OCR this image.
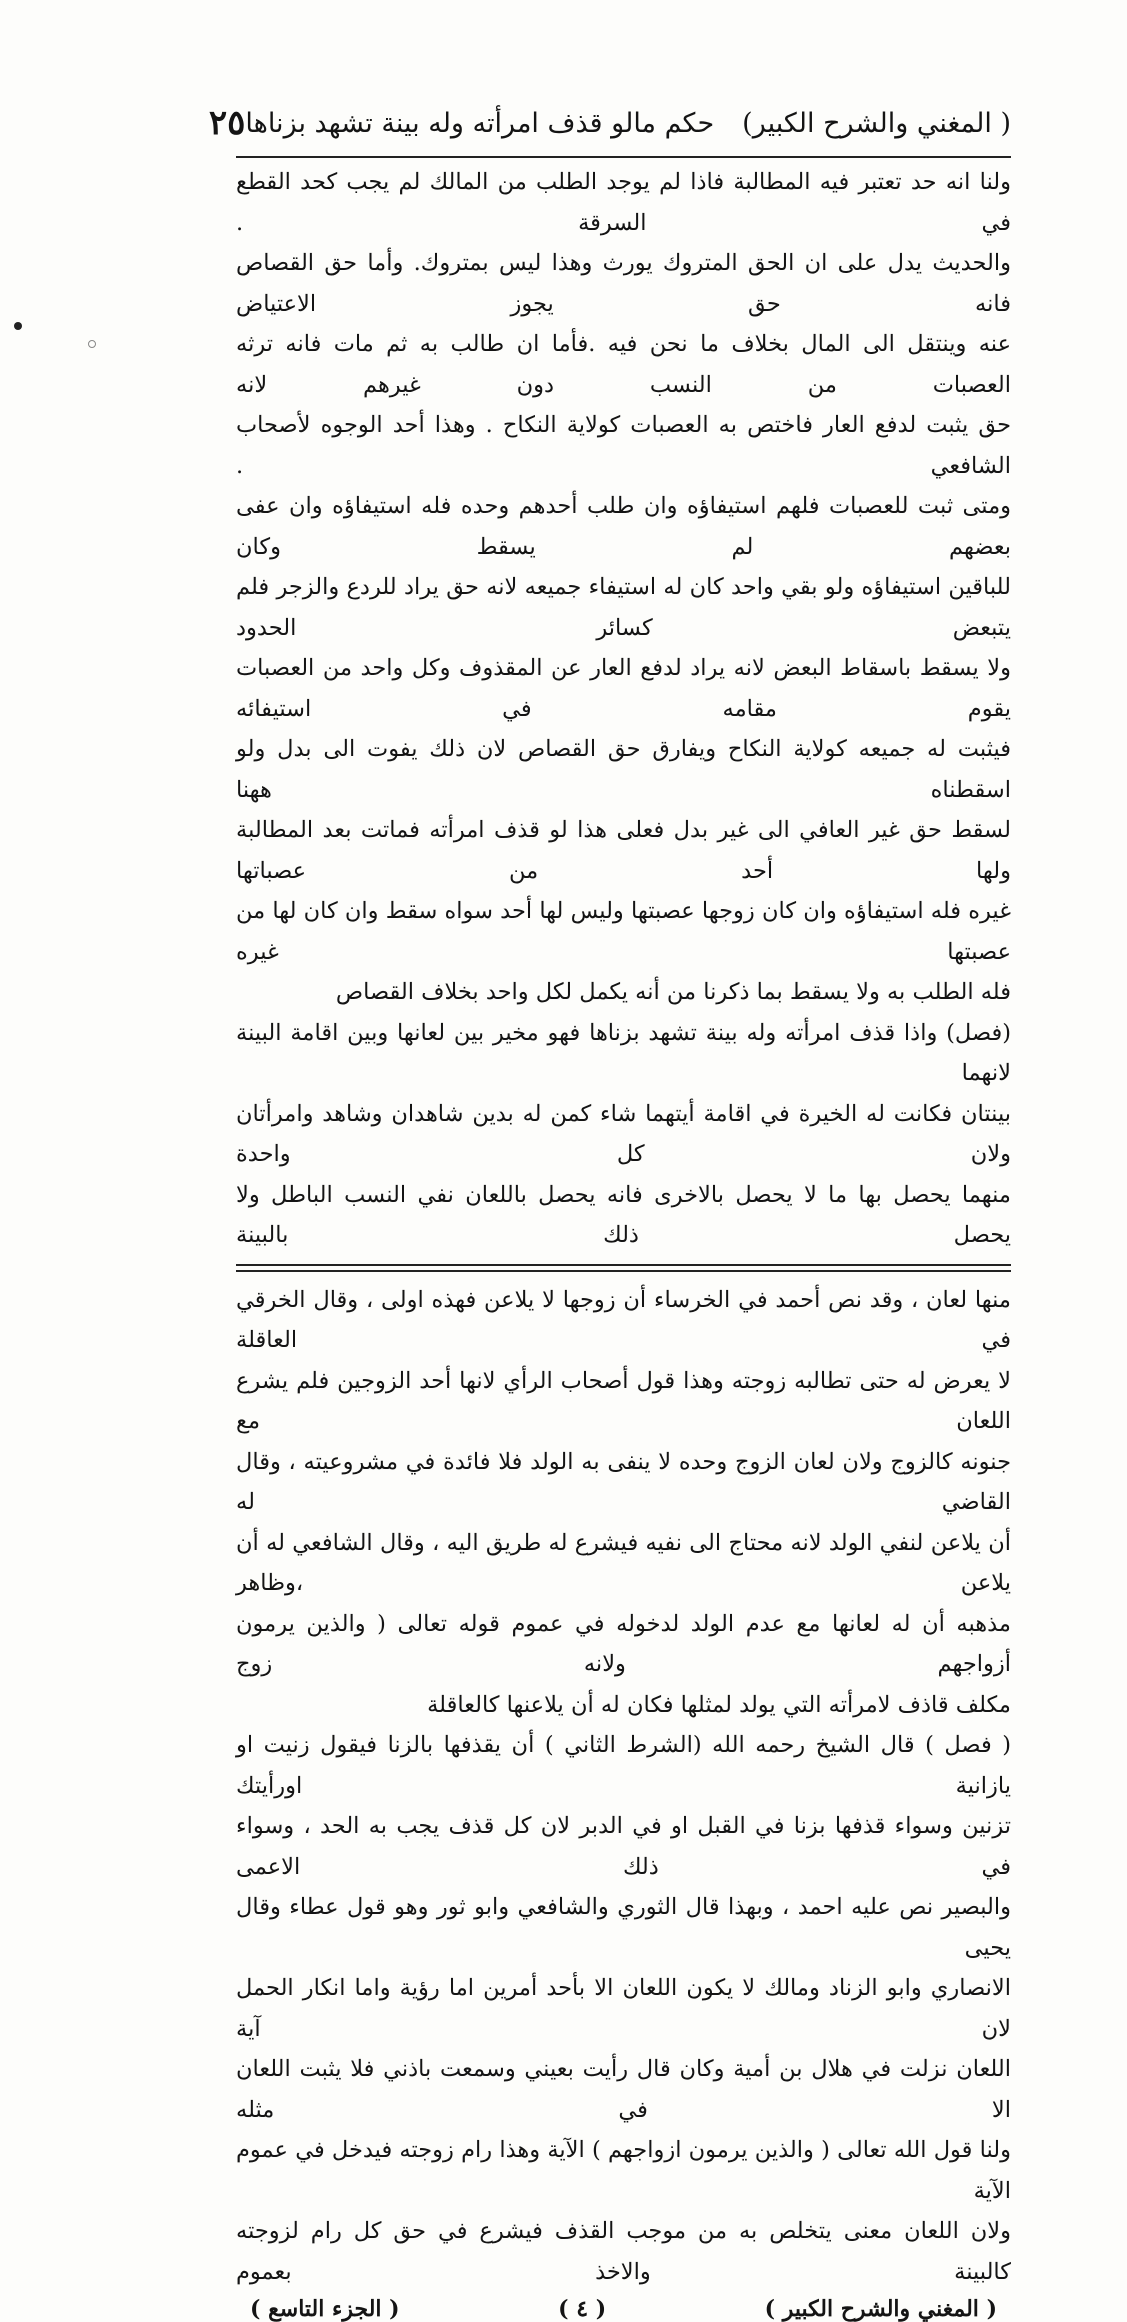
( المغني والشرح الكبير)
حكم مالو قذف امرأته وله بينة تشهد بزناها
٢٥

ولنا انه حد تعتبر فيه المطالبة فاذا لم يوجد الطلب من المالك لم يجب كحد القطع في السرقة .

والحديث يدل على ان الحق المتروك يورث وهذا ليس بمتروك. وأما حق القصاص فانه حق يجوز الاعتياض

عنه وينتقل الى المال بخلاف ما نحن فيه .فأما ان طالب به ثم مات فانه ترثه العصبات من النسب دون غيرهم لانه

حق يثبت لدفع العار فاختص به العصبات كولاية النكاح . وهذا أحد الوجوه لأصحاب الشافعي .

ومتى ثبت للعصبات فلهم استيفاؤه وان طلب أحدهم وحده فله استيفاؤه وان عفى بعضهم لم يسقط وكان

للباقين استيفاؤه ولو بقي واحد كان له استيفاء جميعه لانه حق يراد للردع والزجر فلم يتبعض كسائر الحدود

ولا يسقط باسقاط البعض لانه يراد لدفع العار عن المقذوف وكل واحد من العصبات يقوم مقامه في استيفائه

فيثبت له جميعه كولاية النكاح ويفارق حق القصاص لان ذلك يفوت الى بدل ولو اسقطناه ههنا

لسقط حق غير العافي الى غير بدل فعلى هذا لو قذف امرأته فماتت بعد المطالبة ولها أحد من عصباتها

غيره فله استيفاؤه وان كان زوجها عصبتها وليس لها أحد سواه سقط وان كان لها من عصبتها غيره

فله الطلب به ولا يسقط بما ذكرنا من أنه يكمل لكل واحد بخلاف القصاص

(فصل) واذا قذف امرأته وله بينة تشهد بزناها فهو مخير بين لعانها وبين اقامة البينة لانهما

بينتان فكانت له الخيرة في اقامة أيتهما شاء كمن له بدين شاهدان وشاهد وامرأتان ولان كل واحدة

منهما يحصل بها ما لا يحصل بالاخرى فانه يحصل باللعان نفي النسب الباطل ولا يحصل ذلك بالبينة

منها لعان ، وقد نص أحمد في الخرساء أن زوجها لا يلاعن فهذه اولى ، وقال الخرقي في العاقلة

لا يعرض له حتى تطالبه زوجته وهذا قول أصحاب الرأي لانها أحد الزوجين فلم يشرع اللعان مع

جنونه كالزوج ولان لعان الزوج وحده لا ينفى به الولد فلا فائدة في مشروعيته ، وقال القاضي له

أن يلاعن لنفي الولد لانه محتاج الى نفيه فيشرع له طريق اليه ، وقال الشافعي له أن يلاعن ،وظاهر

مذهبه أن له لعانها مع عدم الولد لدخوله في عموم قوله تعالى ( والذين يرمون أزواجهم ولانه زوج

مكلف قاذف لامرأته التي يولد لمثلها فكان له أن يلاعنها كالعاقلة

( فصل ) قال الشيخ رحمه الله (الشرط الثاني ) أن يقذفها بالزنا فيقول زنيت او يازانية اورأيتك

تزنين وسواء قذفها بزنا في القبل او في الدبر لان كل قذف يجب به الحد ، وسواء في ذلك الاعمى

والبصير نص عليه احمد ، وبهذا قال الثوري والشافعي وابو ثور وهو قول عطاء وقال يحيى

الانصاري وابو الزناد ومالك لا يكون اللعان الا بأحد أمرين اما رؤية واما انكار الحمل لان آية

اللعان نزلت في هلال بن أمية وكان قال رأيت بعيني وسمعت باذني فلا يثبت اللعان الا في مثله

ولنا قول الله تعالى ( والذين يرمون ازواجهم ) الآية وهذا رام زوجته فيدخل في عموم الآية

ولان اللعان معنى يتخلص به من موجب القذف فيشرع في حق كل رام لزوجته كالبينة والاخذ بعموم

( المغني والشرح الكبير )
( ٤ )
( الجزء التاسع )
